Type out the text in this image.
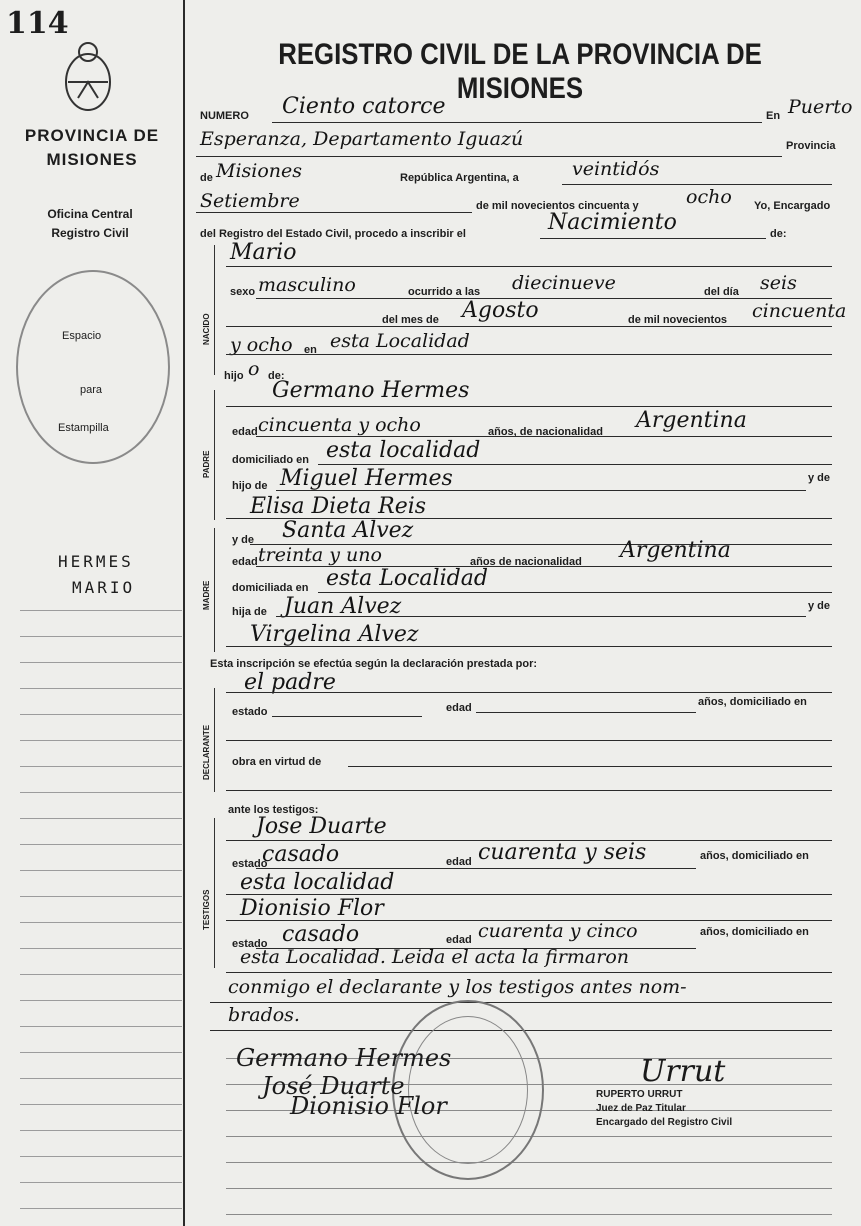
114
PROVINCIA DE MISIONES
Oficina Central
Registro Civil
Espacio
para
Estampilla
HERMES
MARIO
REGISTRO CIVIL DE LA PROVINCIA DE MISIONES
NUMERO Ciento catorce	En Puerto
Esperanza, Departamento Iguazú	Provincia
de Misiones	República Argentina, a	veintidós
Setiembre	de mil novecientos cincuenta y ocho Yo, Encargado
del Registro del Estado Civil, procedo a inscribir el	Nacimiento	de:
NACIDO
Mario
sexo masculino	ocurrido a las diecinueve	del día seis
del mes de Agosto	de mil novecientos cincuenta
y ocho en esta Localidad
hijo o de:
PADRE
Germano Hermes
edad cincuenta y ocho	años, de nacionalidad Argentina
domiciliado en esta localidad
hijo de Miguel Hermes	y de
Elisa Dieta Reis
y de
MADRE
Santa Alvez
edad treinta y uno	años de nacionalidad Argentina
domiciliada en esta Localidad
hija de Juan Alvez	y de
Virgelina Alvez
Esta inscripción se efectúa según la declaración prestada por:
el padre
DECLARANTE
estado	edad	años, domiciliado en
obra en virtud de
ante los testigos:
TESTIGOS
Jose Duarte
estado
casado	edad cuarenta y seis	años, domiciliado en
esta localidad
Dionisio Flor
estado casado	edad cuarenta y cinco	años, domiciliado en
esta Localidad. Leida el acta la firmaron
conmigo el declarante y los testigos antes nom-
brados.
Germano Hermes
José Duarte
Dionisio Flor
Urrut
RUPERTO URRUT
Juez de Paz Titular
Encargado del Registro Civil
